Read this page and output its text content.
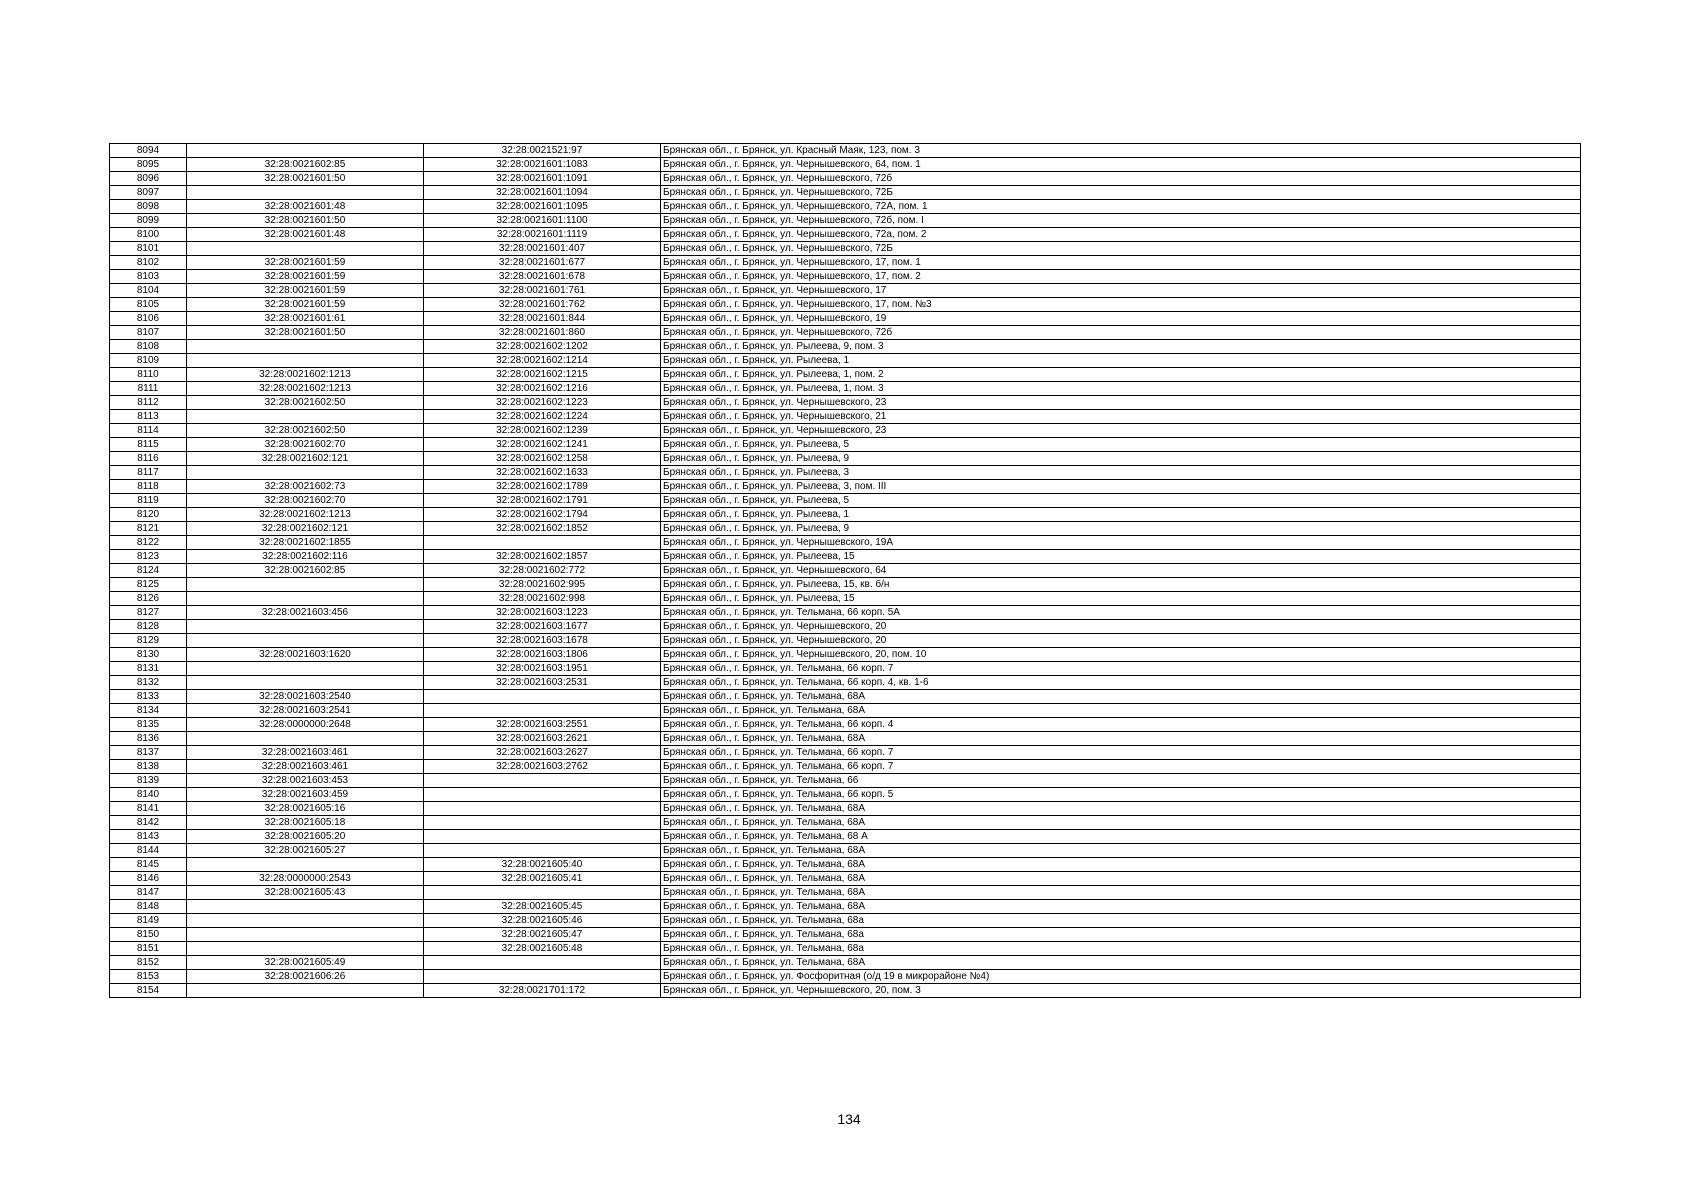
8094		32:28:0021521:97	Брянская обл., г. Брянск, ул. Красный Маяк, 123, пом. 3
8095	32:28:0021602:85	32:28:0021601:1083	Брянская обл., г. Брянск, ул. Чернышевского, 64, пом. 1
8096	32:28:0021601:50	32:28:0021601:1091	Брянская обл., г. Брянск, ул. Чернышевского, 72б
8097		32:28:0021601:1094	Брянская обл., г. Брянск, ул. Чернышевского, 72Б
8098	32:28:0021601:48	32:28:0021601:1095	Брянская обл., г. Брянск, ул. Чернышевского, 72А, пом. 1
8099	32:28:0021601:50	32:28:0021601:1100	Брянская обл., г. Брянск, ул. Чернышевского, 72б, пом. I
8100	32:28:0021601:48	32:28:0021601:1119	Брянская обл., г. Брянск, ул. Чернышевского, 72а, пом. 2
8101		32:28:0021601:407	Брянская обл., г. Брянск, ул. Чернышевского, 72Б
8102	32:28:0021601:59	32:28:0021601:677	Брянская обл., г. Брянск, ул. Чернышевского, 17, пом. 1
8103	32:28:0021601:59	32:28:0021601:678	Брянская обл., г. Брянск, ул. Чернышевского, 17, пом. 2
8104	32:28:0021601:59	32:28:0021601:761	Брянская обл., г. Брянск, ул. Чернышевского, 17
8105	32:28:0021601:59	32:28:0021601:762	Брянская обл., г. Брянск, ул. Чернышевского, 17, пом. №3
8106	32:28:0021601:61	32:28:0021601:844	Брянская обл., г. Брянск, ул. Чернышевского, 19
8107	32:28:0021601:50	32:28:0021601:860	Брянская обл., г. Брянск, ул. Чернышевского, 72б
8108		32:28:0021602:1202	Брянская обл., г. Брянск, ул. Рылеева, 9, пом. 3
8109		32:28:0021602:1214	Брянская обл., г. Брянск, ул. Рылеева, 1
8110	32:28:0021602:1213	32:28:0021602:1215	Брянская обл., г. Брянск, ул. Рылеева, 1, пом. 2
8111	32:28:0021602:1213	32:28:0021602:1216	Брянская обл., г. Брянск, ул. Рылеева, 1, пом. 3
8112	32:28:0021602:50	32:28:0021602:1223	Брянская обл., г. Брянск, ул. Чернышевского, 23
8113		32:28:0021602:1224	Брянская обл., г. Брянск, ул. Чернышевского, 21
8114	32:28:0021602:50	32:28:0021602:1239	Брянская обл., г. Брянск, ул. Чернышевского, 23
8115	32:28:0021602:70	32:28:0021602:1241	Брянская обл., г. Брянск, ул. Рылеева, 5
8116	32:28:0021602:121	32:28:0021602:1258	Брянская обл., г. Брянск, ул. Рылеева, 9
8117		32:28:0021602:1633	Брянская обл., г. Брянск, ул. Рылеева, 3
8118	32:28:0021602:73	32:28:0021602:1789	Брянская обл., г. Брянск, ул. Рылеева, 3, пом. III
8119	32:28:0021602:70	32:28:0021602:1791	Брянская обл., г. Брянск, ул. Рылеева, 5
8120	32:28:0021602:1213	32:28:0021602:1794	Брянская обл., г. Брянск, ул. Рылеева, 1
8121	32:28:0021602:121	32:28:0021602:1852	Брянская обл., г. Брянск, ул. Рылеева, 9
8122	32:28:0021602:1855		Брянская обл., г. Брянск, ул. Чернышевского, 19А
8123	32:28:0021602:116	32:28:0021602:1857	Брянская обл., г. Брянск, ул. Рылеева, 15
8124	32:28:0021602:85	32:28:0021602:772	Брянская обл., г. Брянск, ул. Чернышевского, 64
8125		32:28:0021602:995	Брянская обл., г. Брянск, ул. Рылеева, 15, кв. б/н
8126		32:28:0021602:998	Брянская обл., г. Брянск, ул. Рылеева, 15
8127	32:28:0021603:456	32:28:0021603:1223	Брянская обл., г. Брянск, ул. Тельмана, 66 корп. 5А
8128		32:28:0021603:1677	Брянская обл., г. Брянск, ул. Чернышевского, 20
8129		32:28:0021603:1678	Брянская обл., г. Брянск, ул. Чернышевского, 20
8130	32:28:0021603:1620	32:28:0021603:1806	Брянская обл., г. Брянск, ул. Чернышевского, 20, пом. 10
8131		32:28:0021603:1951	Брянская обл., г. Брянск, ул. Тельмана, 66 корп. 7
8132		32:28:0021603:2531	Брянская обл., г. Брянск, ул. Тельмана, 66 корп. 4, кв. 1-6
8133	32:28:0021603:2540		Брянская обл., г. Брянск, ул. Тельмана, 68А
8134	32:28:0021603:2541		Брянская обл., г. Брянск, ул. Тельмана, 68А
8135	32:28:0000000:2648	32:28:0021603:2551	Брянская обл., г. Брянск, ул. Тельмана, 66 корп. 4
8136		32:28:0021603:2621	Брянская обл., г. Брянск, ул. Тельмана, 68А
8137	32:28:0021603:461	32:28:0021603:2627	Брянская обл., г. Брянск, ул. Тельмана, 66 корп. 7
8138	32:28:0021603:461	32:28:0021603:2762	Брянская обл., г. Брянск, ул. Тельмана, 66 корп. 7
8139	32:28:0021603:453		Брянская обл., г. Брянск, ул. Тельмана, 66
8140	32:28:0021603:459		Брянская обл., г. Брянск, ул. Тельмана, 66 корп. 5
8141	32:28:0021605:16		Брянская обл., г. Брянск, ул. Тельмана, 68А
8142	32:28:0021605:18		Брянская обл., г. Брянск, ул. Тельмана, 68А
8143	32:28:0021605:20		Брянская обл., г. Брянск, ул. Тельмана, 68 А
8144	32:28:0021605:27		Брянская обл., г. Брянск, ул. Тельмана, 68А
8145		32:28:0021605:40	Брянская обл., г. Брянск, ул. Тельмана, 68А
8146	32:28:0000000:2543	32:28:0021605:41	Брянская обл., г. Брянск, ул. Тельмана, 68А
8147	32:28:0021605:43		Брянская обл., г. Брянск, ул. Тельмана, 68А
8148		32:28:0021605:45	Брянская обл., г. Брянск, ул. Тельмана, 68А
8149		32:28:0021605:46	Брянская обл., г. Брянск, ул. Тельмана, 68а
8150		32:28:0021605:47	Брянская обл., г. Брянск, ул. Тельмана, 68а
8151		32:28:0021605:48	Брянская обл., г. Брянск, ул. Тельмана, 68а
8152	32:28:0021605:49		Брянская обл., г. Брянск, ул. Тельмана, 68А
8153	32:28:0021606:26		Брянская обл., г. Брянск, ул. Фосфоритная (о/д 19 в микрорайоне №4)
8154		32:28:0021701:172	Брянская обл., г. Брянск, ул. Чернышевского, 20, пом. 3
134
